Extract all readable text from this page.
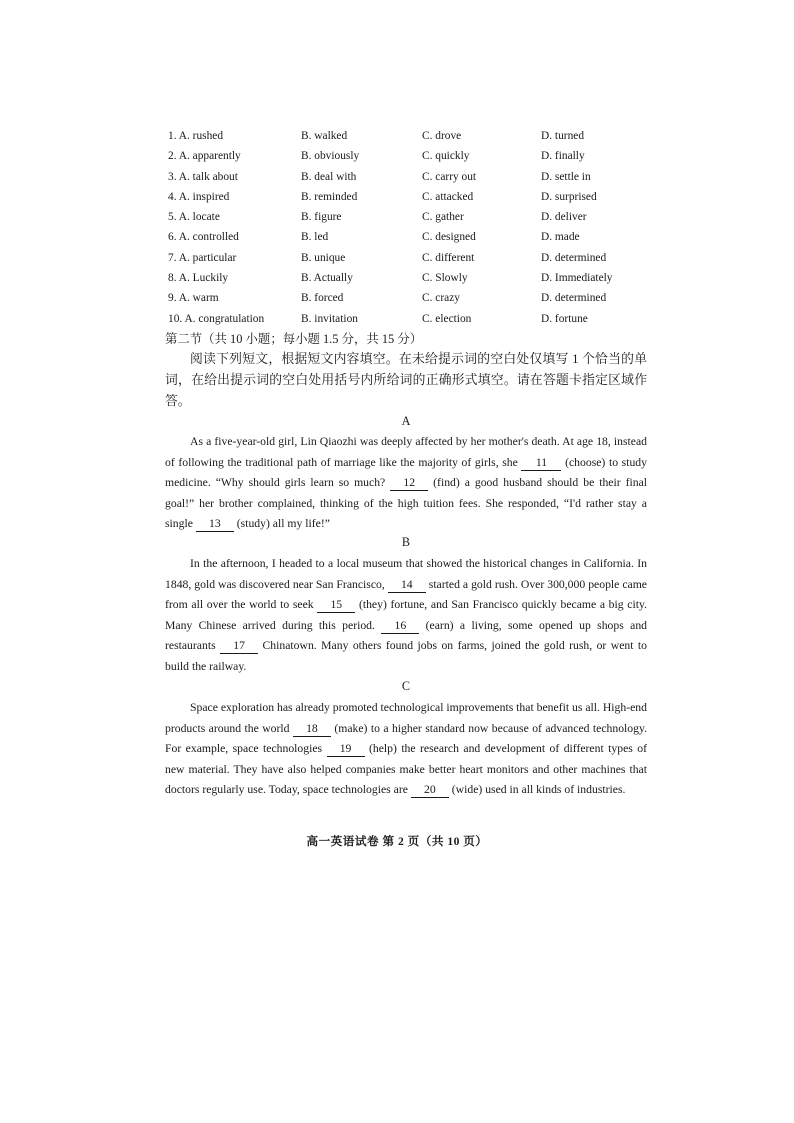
1. A. rushed	B. walked	C. drove	D. turned
2. A. apparently	B. obviously	C. quickly	D. finally
3. A. talk about	B. deal with	C. carry out	D. settle in
4. A. inspired	B. reminded	C. attacked	D. surprised
5. A. locate	B. figure	C. gather	D. deliver
6. A. controlled	B. led	C. designed	D. made
7. A. particular	B. unique	C. different	D. determined
8. A. Luckily	B. Actually	C. Slowly	D. Immediately
9. A. warm	B. forced	C. crazy	D. determined
10. A. congratulation	B. invitation	C. election	D. fortune
第二节（共 10 小题；每小题 1.5 分，共 15 分）
阅读下列短文，根据短文内容填空。在未给提示词的空白处仅填写 1 个恰当的单词，在给出提示词的空白处用括号内所给词的正确形式填空。请在答题卡指定区域作答。
A
As a five-year-old girl, Lin Qiaozhi was deeply affected by her mother's death. At age 18, instead of following the traditional path of marriage like the majority of girls, she 11 (choose) to study medicine. “Why should girls learn so much? 12 (find) a good husband should be their final goal!” her brother complained, thinking of the high tuition fees. She responded, “I'd rather stay a single 13 (study) all my life!”
B
In the afternoon, I headed to a local museum that showed the historical changes in California. In 1848, gold was discovered near San Francisco, 14 started a gold rush. Over 300,000 people came from all over the world to seek 15 (they) fortune, and San Francisco quickly became a big city. Many Chinese arrived during this period. 16 (earn) a living, some opened up shops and restaurants 17 Chinatown. Many others found jobs on farms, joined the gold rush, or went to build the railway.
C
Space exploration has already promoted technological improvements that benefit us all. High-end products around the world 18 (make) to a higher standard now because of advanced technology. For example, space technologies 19 (help) the research and development of different types of new material. They have also helped companies make better heart monitors and other machines that doctors regularly use. Today, space technologies are 20 (wide) used in all kinds of industries.
高一英语试卷 第 2 页（共 10 页）
